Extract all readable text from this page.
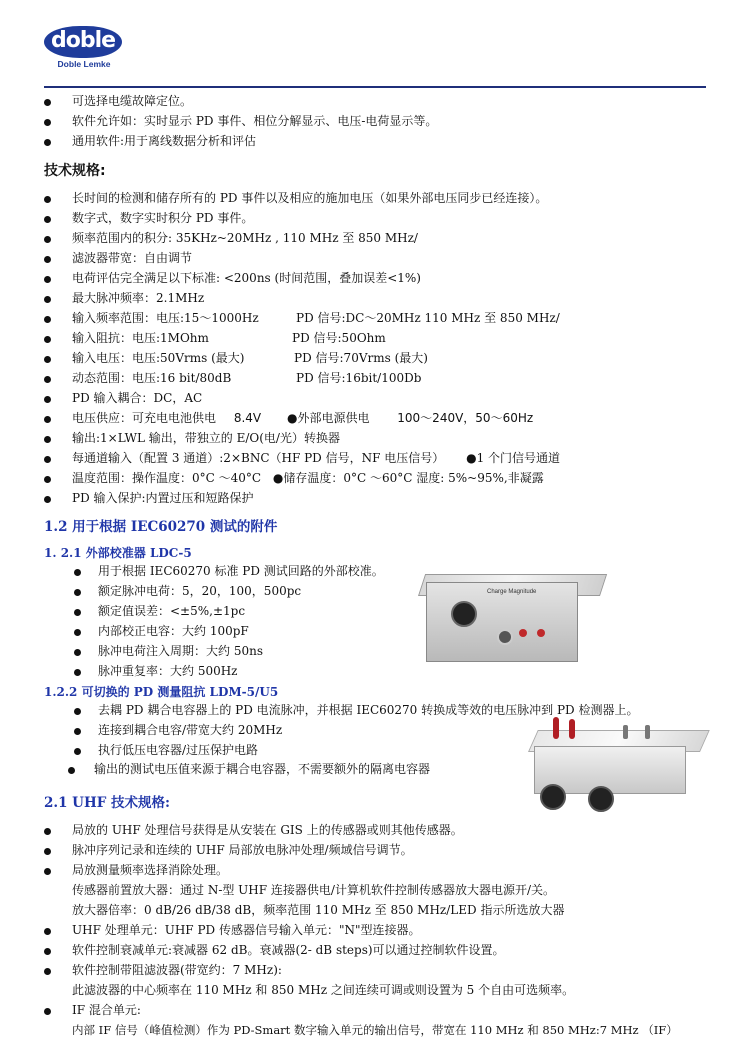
doble
Doble Lemke
可选择电缆故障定位。
软件允许如：实时显示 PD 事件、相位分解显示、电压-电荷显示等。
通用软件:用于离线数据分析和评估
技术规格:
长时间的检测和储存所有的 PD 事件以及相应的施加电压（如果外部电压同步已经连接）。
数字式，数字实时积分 PD 事件。
频率范围内的积分: 35KHz~20MHz , 110 MHz 至 850 MHz/
滤波器带宽：自由调节
电荷评估完全满足以下标准: <200ns (时间范围，叠加误差<1%)
最大脉冲频率：2.1MHz
输入频率范围：电压:15～1000Hz	PD 信号:DC～20MHz 110 MHz 至 850 MHz/
输入阻抗：电压:1MOhm	PD 信号:50Ohm
输入电压：电压:50Vrms (最大)	PD 信号:70Vrms (最大)
动态范围：电压:16 bit/80dB	PD 信号:16bit/100Db
PD 输入耦合：DC，AC
电压供应：可充电电池供电 8.4V ●外部电源供电 100～240V，50～60Hz
输出:1×LWL 输出，带独立的 E/O(电/光）转换器
每通道输入（配置 3 通道）:2×BNC（HF PD 信号，NF 电压信号） ●1 个门信号通道
温度范围：操作温度：0°C ～40°C ●储存温度：0°C ～60°C 湿度: 5%~95%,非凝露
PD 输入保护:内置过压和短路保护
1.2 用于根据 IEC60270 测试的附件
1. 2.1 外部校准器 LDC-5
用于根据 IEC60270 标准 PD 测试回路的外部校准。
额定脉冲电荷：5，20，100，500pc
额定值误差：<±5%,±1pc
内部校正电容：大约 100pF
脉冲电荷注入周期：大约 50ns
脉冲重复率：大约 500Hz
Charge Magnitude
1.2.2 可切换的 PD 测量阻抗 LDM-5/U5
去耦 PD 耦合电容器上的 PD 电流脉冲，并根据 IEC60270 转换成等效的电压脉冲到 PD 检测器上。
连接到耦合电容/带宽大约 20MHz
执行低压电容器/过压保护电路
输出的测试电压值来源于耦合电容器，不需要额外的隔离电容器
2.1 UHF 技术规格:
局放的 UHF 处理信号获得是从安装在 GIS 上的传感器或则其他传感器。
脉冲序列记录和连续的 UHF 局部放电脉冲处理/频域信号调节。
局放测量频率选择消除处理。
传感器前置放大器：通过 N-型 UHF 连接器供电/计算机软件控制传感器放大器电源开/关。
放大器倍率：0 dB/26 dB/38 dB，频率范围 110 MHz 至 850 MHz/LED 指示所选放大器
UHF 处理单元：UHF PD 传感器信号输入单元："N"型连接器。
软件控制衰减单元:衰减器 62 dB。衰减器(2- dB steps)可以通过控制软件设置。
软件控制带阻滤波器(带宽约：7 MHz):
此滤波器的中心频率在 110 MHz 和 850 MHz 之间连续可调或则设置为 5 个自由可选频率。
IF 混合单元:
内部 IF 信号（峰值检测）作为 PD-Smart 数字输入单元的输出信号，带宽在 110 MHz 和 850 MHz:7 MHz （IF）
